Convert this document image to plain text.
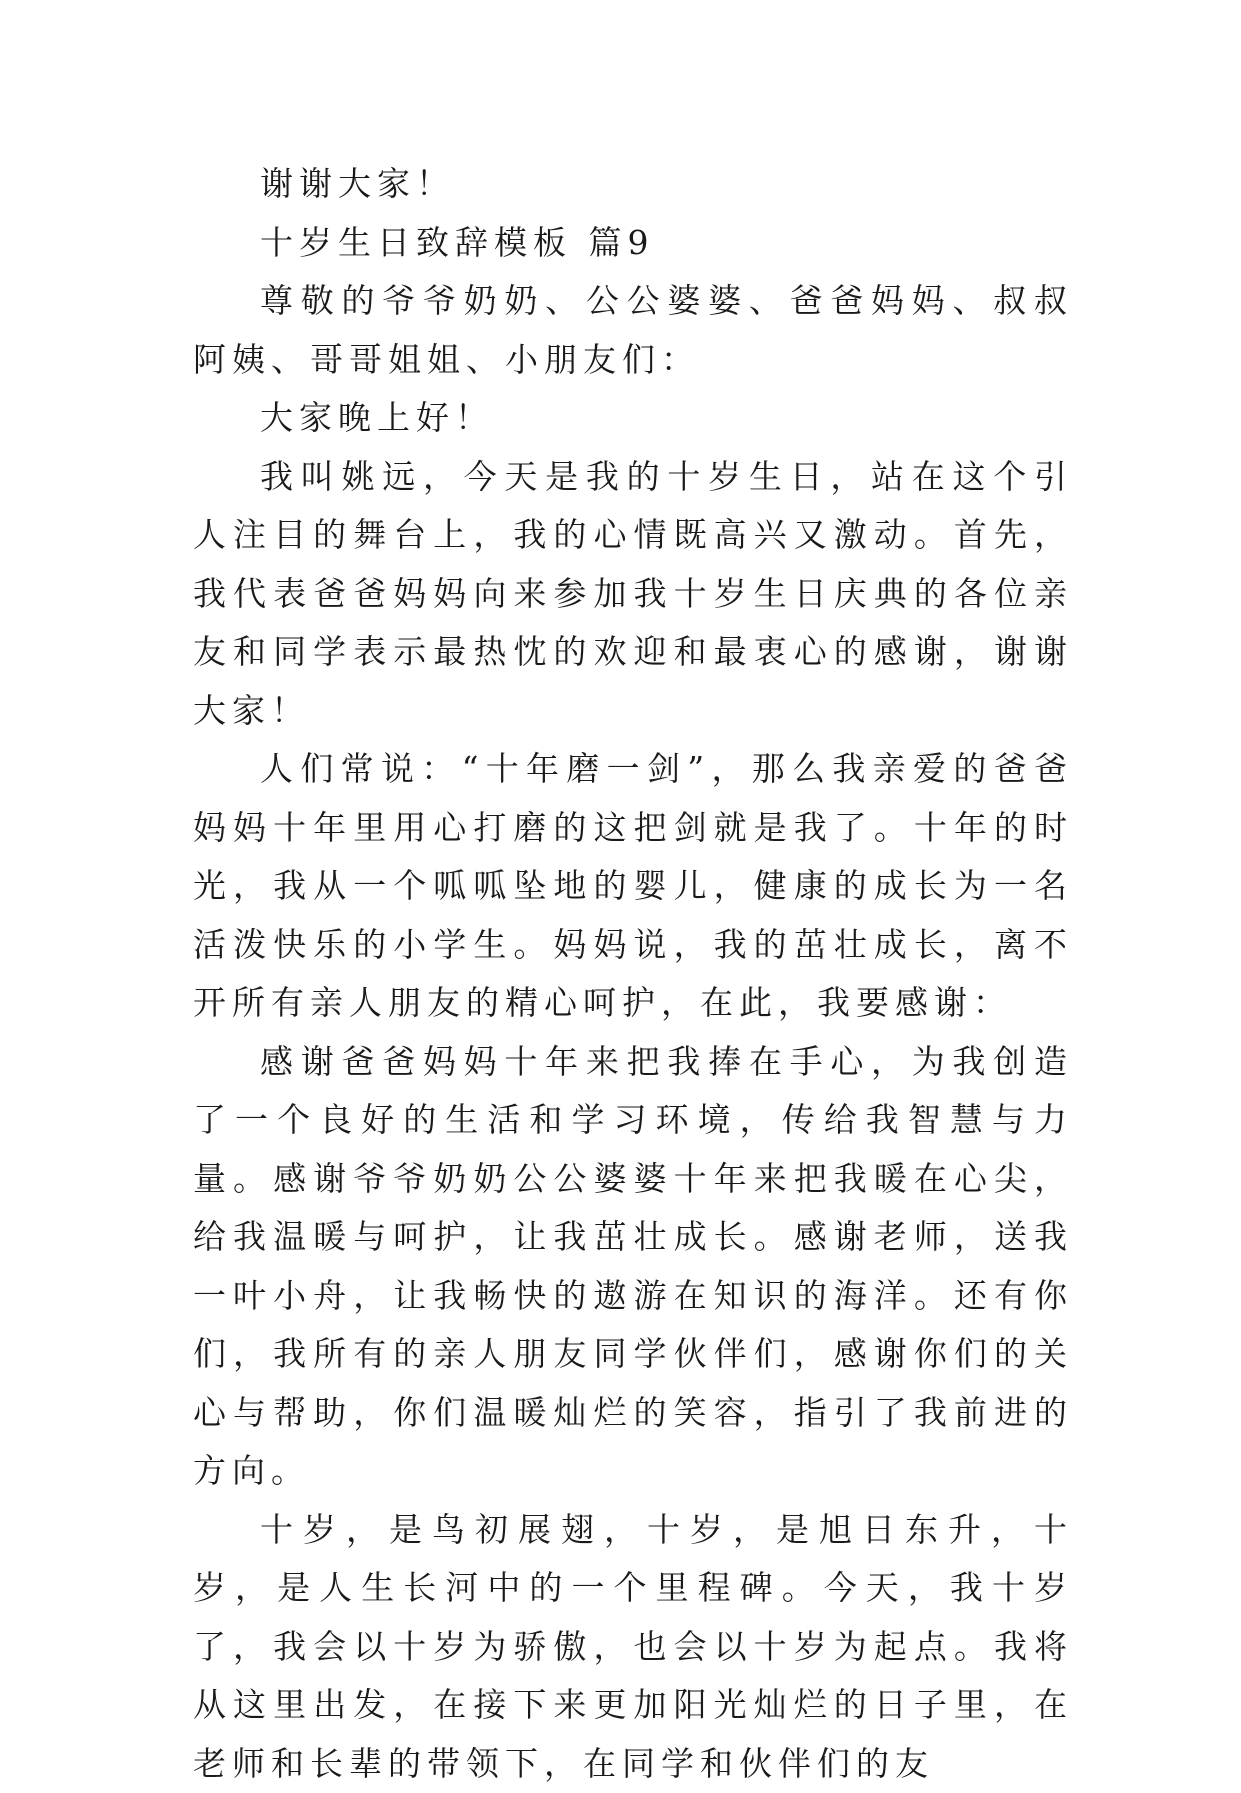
谢谢大家！

十岁生日致辞模板 篇9

尊敬的爷爷奶奶、公公婆婆、爸爸妈妈、叔叔阿姨、哥哥姐姐、小朋友们：

大家晚上好！

我叫姚远，今天是我的十岁生日，站在这个引人注目的舞台上，我的心情既高兴又激动。首先，我代表爸爸妈妈向来参加我十岁生日庆典的各位亲友和同学表示最热忱的欢迎和最衷心的感谢，谢谢大家！

人们常说：“十年磨一剑”，那么我亲爱的爸爸妈妈十年里用心打磨的这把剑就是我了。十年的时光，我从一个呱呱坠地的婴儿，健康的成长为一名活泼快乐的小学生。妈妈说，我的茁壮成长，离不开所有亲人朋友的精心呵护，在此，我要感谢：

感谢爸爸妈妈十年来把我捧在手心，为我创造了一个良好的生活和学习环境，传给我智慧与力量。感谢爷爷奶奶公公婆婆十年来把我暖在心尖，给我温暖与呵护，让我茁壮成长。感谢老师，送我一叶小舟，让我畅快的遨游在知识的海洋。还有你们，我所有的亲人朋友同学伙伴们，感谢你们的关心与帮助，你们温暖灿烂的笑容，指引了我前进的方向。

十岁，是鸟初展翅，十岁，是旭日东升，十岁，是人生长河中的一个里程碑。今天，我十岁了，我会以十岁为骄傲，也会以十岁为起点。我将从这里出发，在接下来更加阳光灿烂的日子里，在老师和长辈的带领下，在同学和伙伴们的友
